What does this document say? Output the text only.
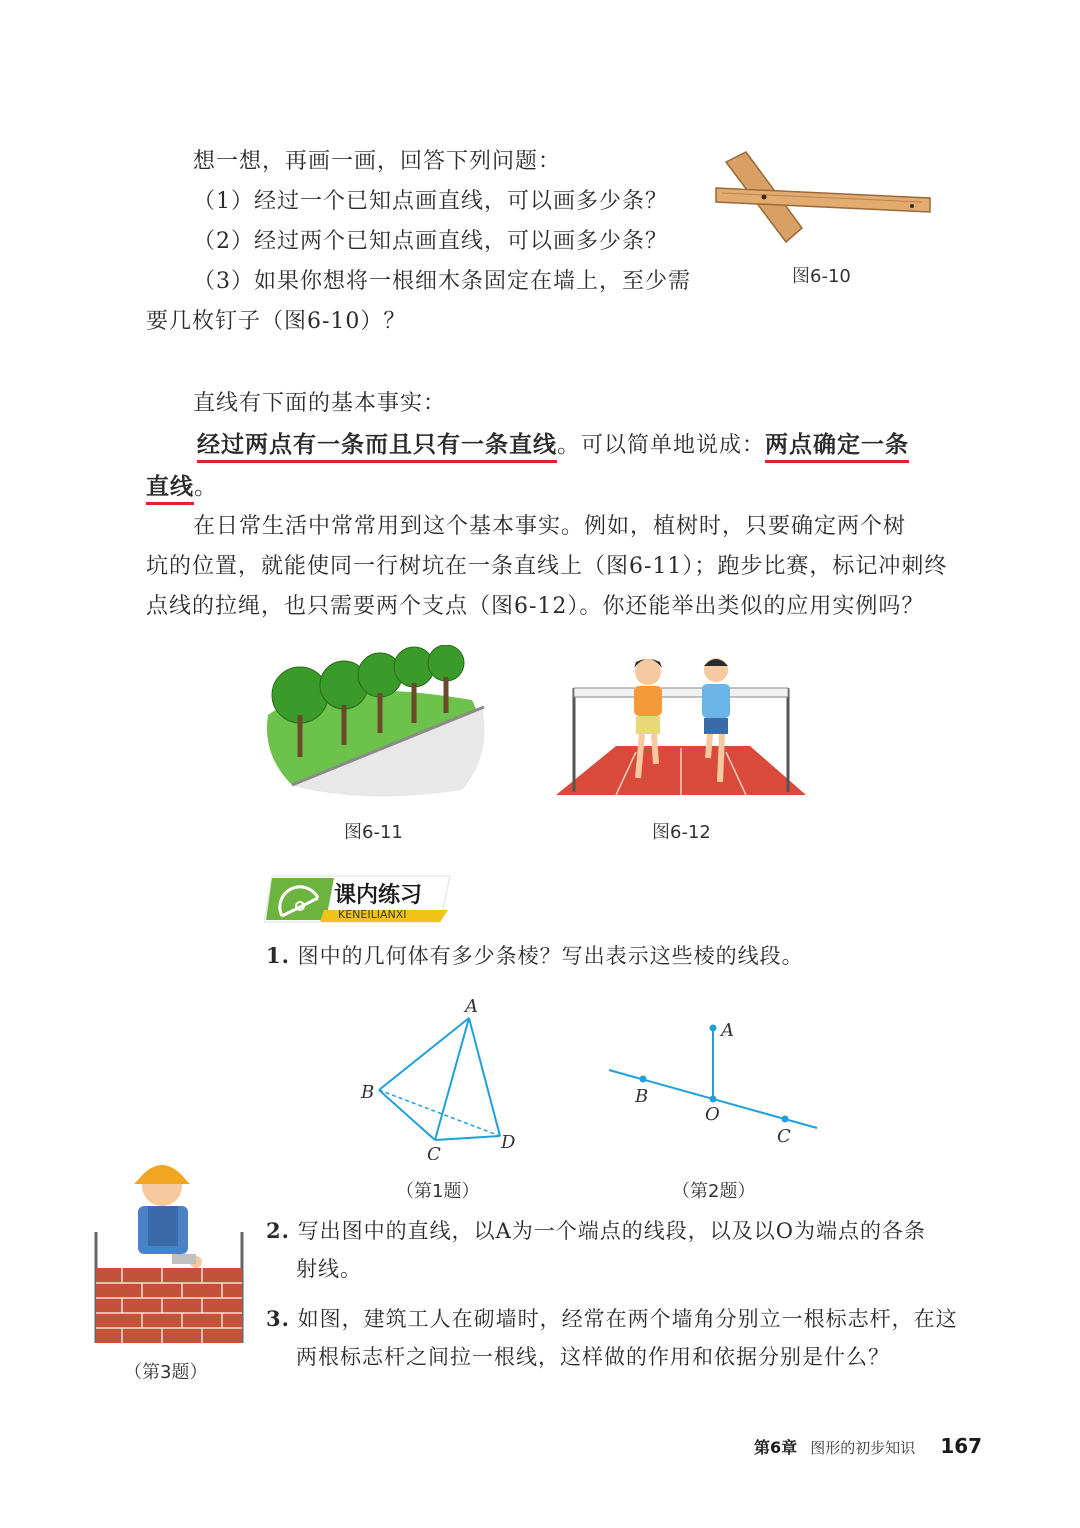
想一想，再画一画，回答下列问题：
（1）经过一个已知点画直线，可以画多少条？
（2）经过两个已知点画直线，可以画多少条？
（3）如果你想将一根细木条固定在墙上，至少需
要几枚钉子（图6-10）？
图6-10
直线有下面的基本事实：
经过两点有一条而且只有一条直线。可以简单地说成：两点确定一条
直线。
在日常生活中常常用到这个基本事实。例如，植树时，只要确定两个树
坑的位置，就能使同一行树坑在一条直线上（图6-11）；跑步比赛，标记冲刺终
点线的拉绳，也只需要两个支点（图6-12）。你还能举出类似的应用实例吗？
图6-11	图6-12
课内练习
KENEILIANXI
1. 图中的几何体有多少条棱？写出表示这些棱的线段。
A
B
C
D
（第1题）
A
B
O
C
（第2题）
（第3题）
2. 写出图中的直线，以A为一个端点的线段，以及以O为端点的各条
射线。
3. 如图，建筑工人在砌墙时，经常在两个墙角分别立一根标志杆，在这
两根标志杆之间拉一根线，这样做的作用和依据分别是什么？
第6章 图形的初步知识 167
